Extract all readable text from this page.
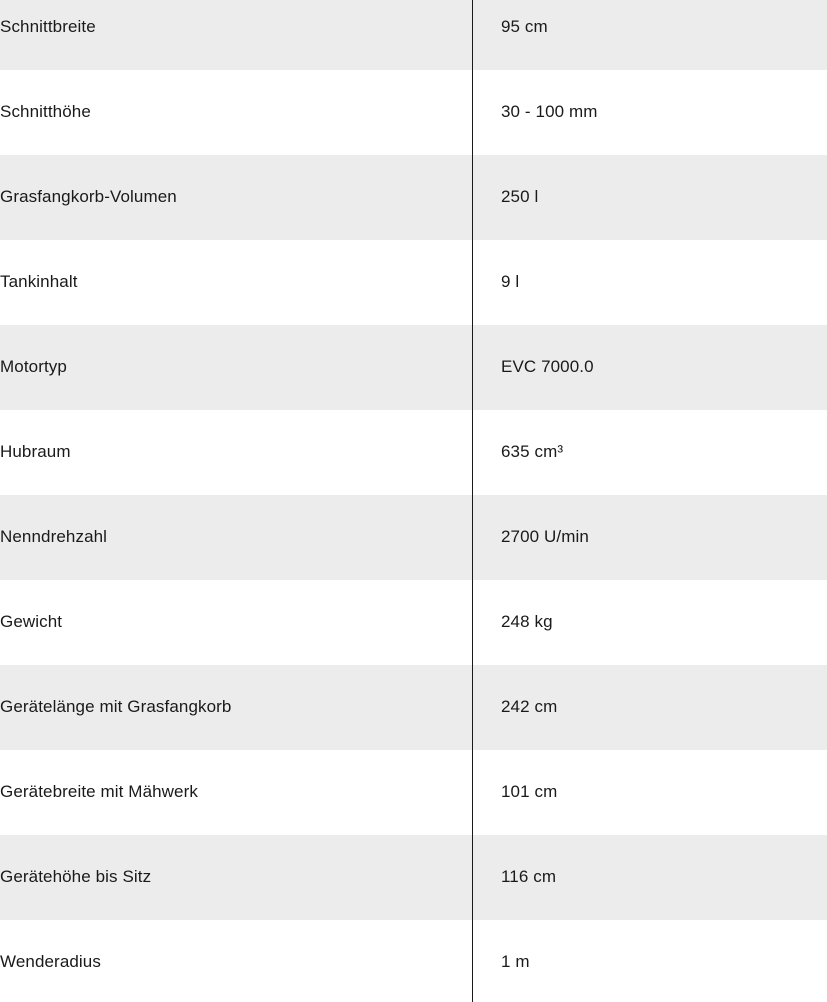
Schnittbreite	95 cm
Schnitthöhe	30 - 100 mm
Grasfangkorb-Volumen	250 l
Tankinhalt	9 l
Motortyp	EVC 7000.0
Hubraum	635 cm³
Nenndrehzahl	2700 U/min
Gewicht	248 kg
Gerätelänge mit Grasfangkorb	242 cm
Gerätebreite mit Mähwerk	101 cm
Gerätehöhe bis Sitz	116 cm
Wenderadius	1 m
